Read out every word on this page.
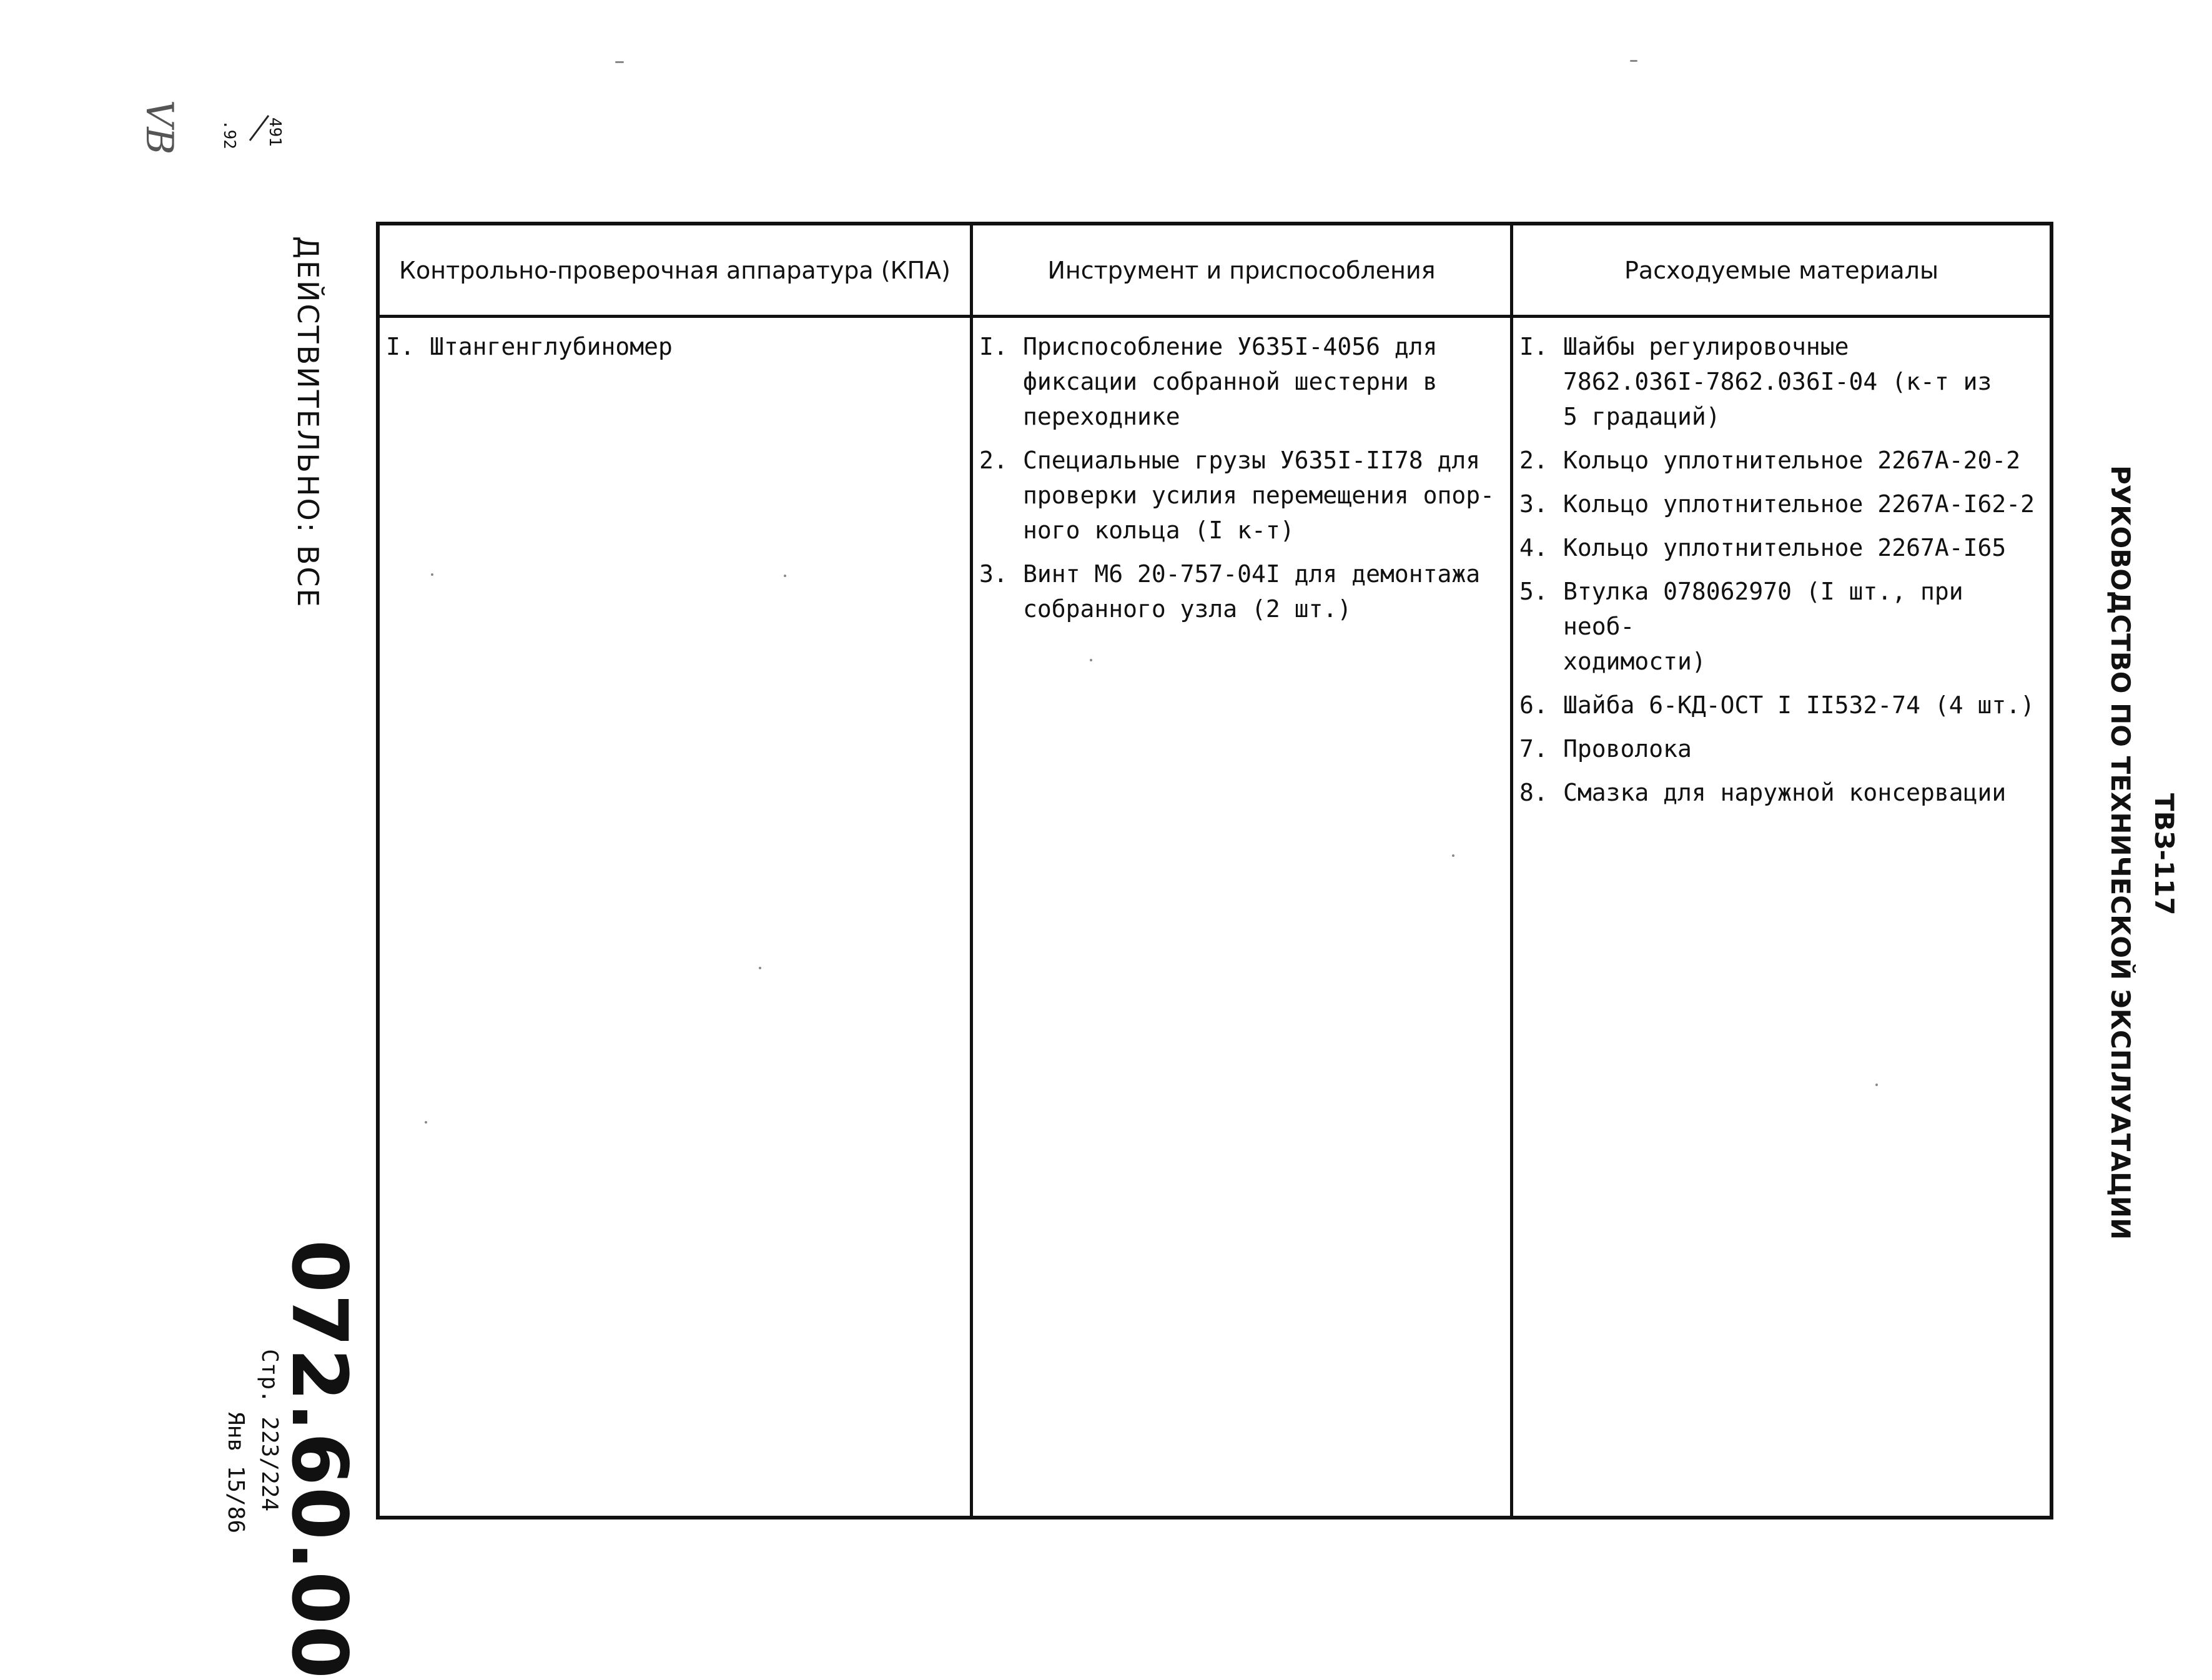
491
.92
VB
ДЕЙСТВИТЕЛЬНО: ВСЕ
072.60.00
Стр. 223/224
Янв 15/86
РУКОВОДСТВО ПО ТЕХНИЧЕСКОЙ ЭКСПЛУАТАЦИИ ТВЗ-117
Контрольно-проверочная аппаратура (КПА)
I. Штангенглубиномер
Инструмент и приспособления
I. Приспособление У635I-4056 для
фиксации собранной шестерни в
переходнике
2. Специальные грузы У635I-II78 для
проверки усилия перемещения опор-
ного кольца (I к-т)
3. Винт М6 20-757-04I для демонтажа
собранного узла (2 шт.)
Расходуемые материалы
I. Шайбы регулировочные
7862.036I-7862.036I-04 (к-т из
5 градаций)
2. Кольцо уплотнительное 2267А-20-2
3. Кольцо уплотнительное 2267А-I62-2
4. Кольцо уплотнительное 2267А-I65
5. Втулка 078062970 (I шт., при необ-
ходимости)
6. Шайба 6-КД-ОСТ I II532-74 (4 шт.)
7. Проволока
8. Смазка для наружной консервации
